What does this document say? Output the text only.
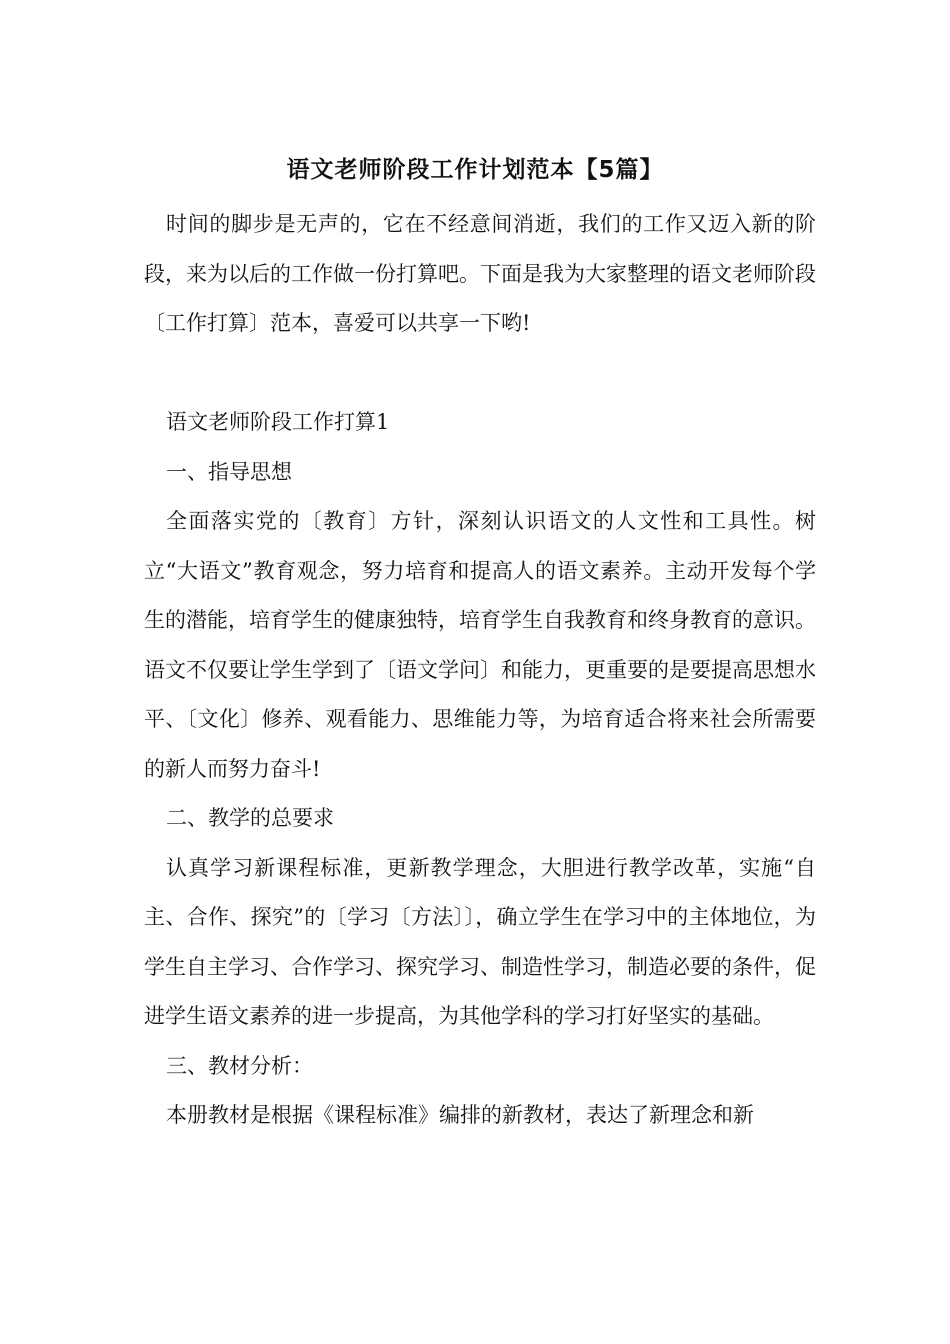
语文老师阶段工作计划范本【5篇】

时间的脚步是无声的，它在不经意间消逝，我们的工作又迈入新的阶段，来为以后的工作做一份打算吧。下面是我为大家整理的语文老师阶段〔工作打算〕范本，喜爱可以共享一下哟!

语文老师阶段工作打算1

一、指导思想

全面落实党的〔教育〕方针，深刻认识语文的人文性和工具性。树立“大语文”教育观念，努力培育和提高人的语文素养。主动开发每个学生的潜能，培育学生的健康独特，培育学生自我教育和终身教育的意识。语文不仅要让学生学到了〔语文学问〕和能力，更重要的是要提高思想水平、〔文化〕修养、观看能力、思维能力等，为培育适合将来社会所需要的新人而努力奋斗!

二、教学的总要求

认真学习新课程标准，更新教学理念，大胆进行教学改革，实施“自主、合作、探究”的〔学习〔方法〕〕，确立学生在学习中的主体地位，为学生自主学习、合作学习、探究学习、制造性学习，制造必要的条件，促进学生语文素养的进一步提高，为其他学科的学习打好坚实的基础。

三、教材分析：

本册教材是根据《课程标准》编排的新教材，表达了新理念和新
